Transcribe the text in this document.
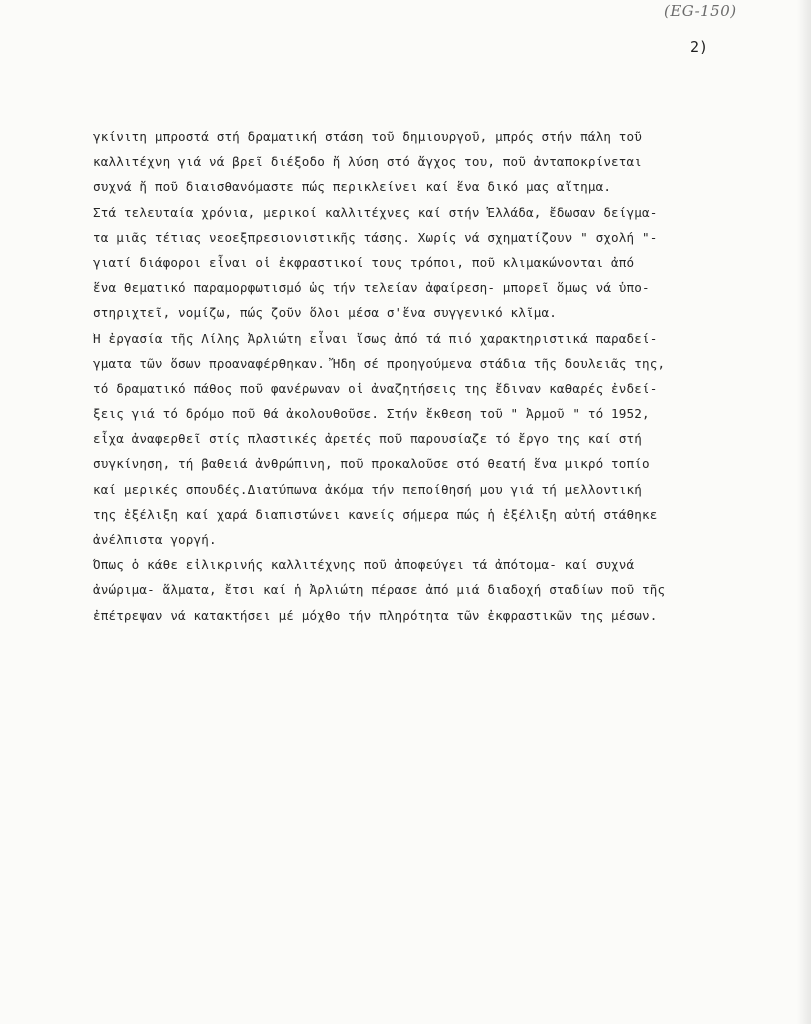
(EG-150)
2)
γκίνιτη μπροστά στή δραματική στάση τοῦ δημιουργοῦ, μπρός στήν πάλη τοῦ
καλλιτέχνη γιά νά βρεῖ διέξοδο ἤ λύση στό ἄγχος του, ποῦ ἀνταποκρίνεται
συχνά ἤ ποῦ διαισθανόμαστε πώς περικλείνει καί ἕνα δικό μας αἴτημα.
Στά τελευταία χρόνια, μερικοί καλλιτέχνες καί στήν Ἑλλάδα, ἔδωσαν δείγμα-
τα μιᾶς τέτιας νεοεξπρεσιονιστικῆς τάσης. Χωρίς νά σχηματίζουν " σχολή "-
γιατί διάφοροι εἶναι οἱ ἐκφραστικοί τους τρόποι, ποῦ κλιμακώνονται ἀπό
ἕνα θεματικό παραμορφωτισμό ὡς τήν τελείαν ἀφαίρεση- μπορεῖ ὅμως νά ὑπο-
στηριχτεῖ, νομίζω, πώς ζοῦν ὅλοι μέσα σ'ἕνα συγγενικό κλῖμα.
Ἡ ἐργασία τῆς Λίλης Ἀρλιώτη εἶναι ἴσως ἀπό τά πιό χαρακτηριστικά παραδεί-
γματα τῶν ὅσων προαναφέρθηκαν. Ἤδη σέ προηγούμενα στάδια τῆς δουλειᾶς της,
τό δραματικό πάθος ποῦ φανέρωναν οἱ ἀναζητήσεις της ἔδιναν καθαρές ἐνδεί-
ξεις γιά τό δρόμο ποῦ θά ἀκολουθοῦσε. Στήν ἔκθεση τοῦ " Ἀρμοῦ " τό 1952,
εἶχα ἀναφερθεῖ στίς πλαστικές ἀρετές ποῦ παρουσίαζε τό ἔργο της καί στή
συγκίνηση, τή βαθειά ἀνθρώπινη, ποῦ προκαλοῦσε στό θεατή ἕνα μικρό τοπίο
καί μερικές σπουδές.Διατύπωνα ἀκόμα τήν πεποίθησή μου γιά τή μελλοντική
της ἐξέλιξη καί χαρά διαπιστώνει κανείς σήμερα πώς ἡ ἐξέλιξη αὐτή στάθηκε
ἀνέλπιστα γοργή.
Ὅπως ὁ κάθε εἰλικρινής καλλιτέχνης ποῦ ἀποφεύγει τά ἀπότομα- καί συχνά
ἀνώριμα- ἅλματα, ἔτσι καί ἡ Ἀρλιώτη πέρασε ἀπό μιά διαδοχή σταδίων ποῦ τῆς
ἐπέτρεψαν νά κατακτήσει μέ μόχθο τήν πληρότητα τῶν ἐκφραστικῶν της μέσων.
